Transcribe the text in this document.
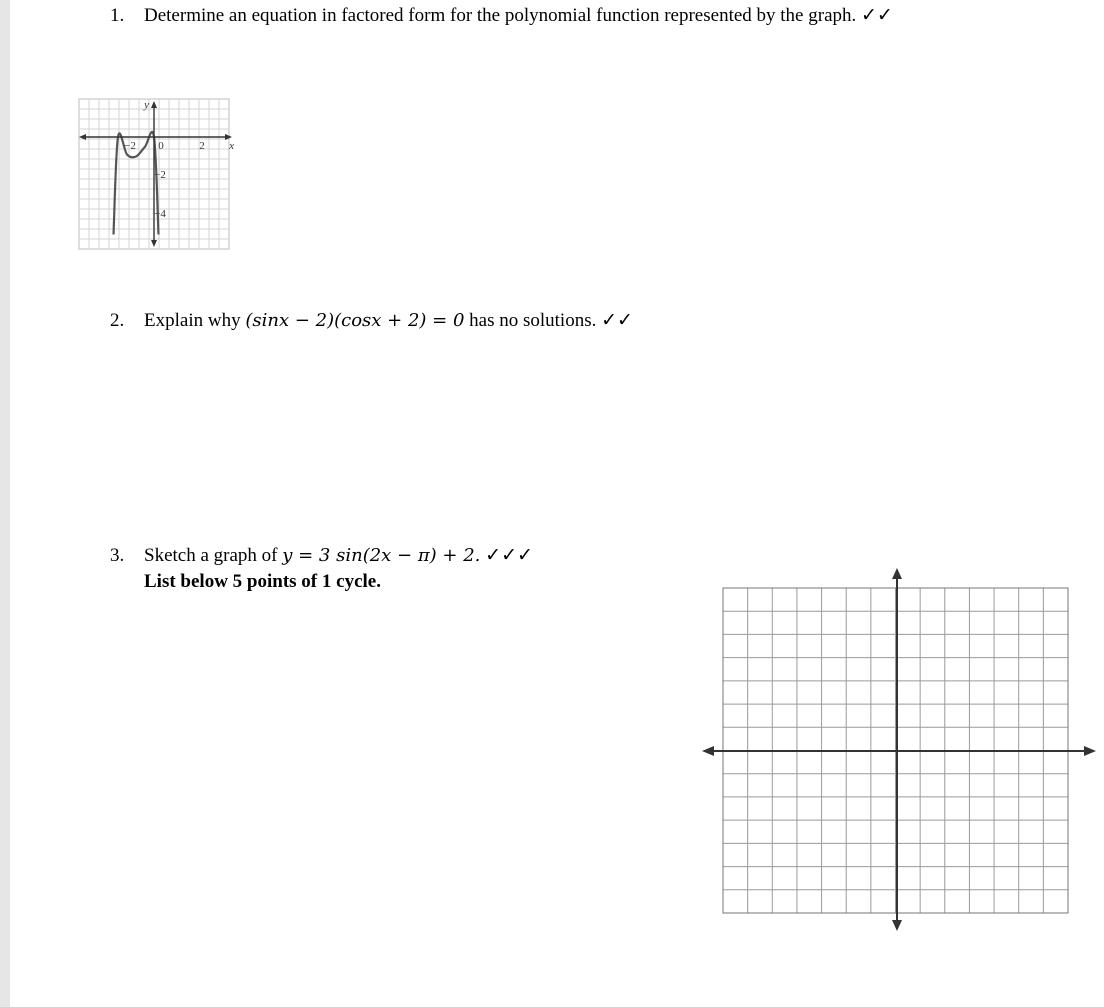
1. Determine an equation in factored form for the polynomial function represented by the graph. ✓✓
y
x
−2 0	2
−2
−4
2. Explain why (sinx − 2)(cosx + 2) = 0 has no solutions. ✓✓
3. Sketch a graph of y = 3 sin(2x − π) + 2. ✓✓✓
List below 5 points of 1 cycle.
